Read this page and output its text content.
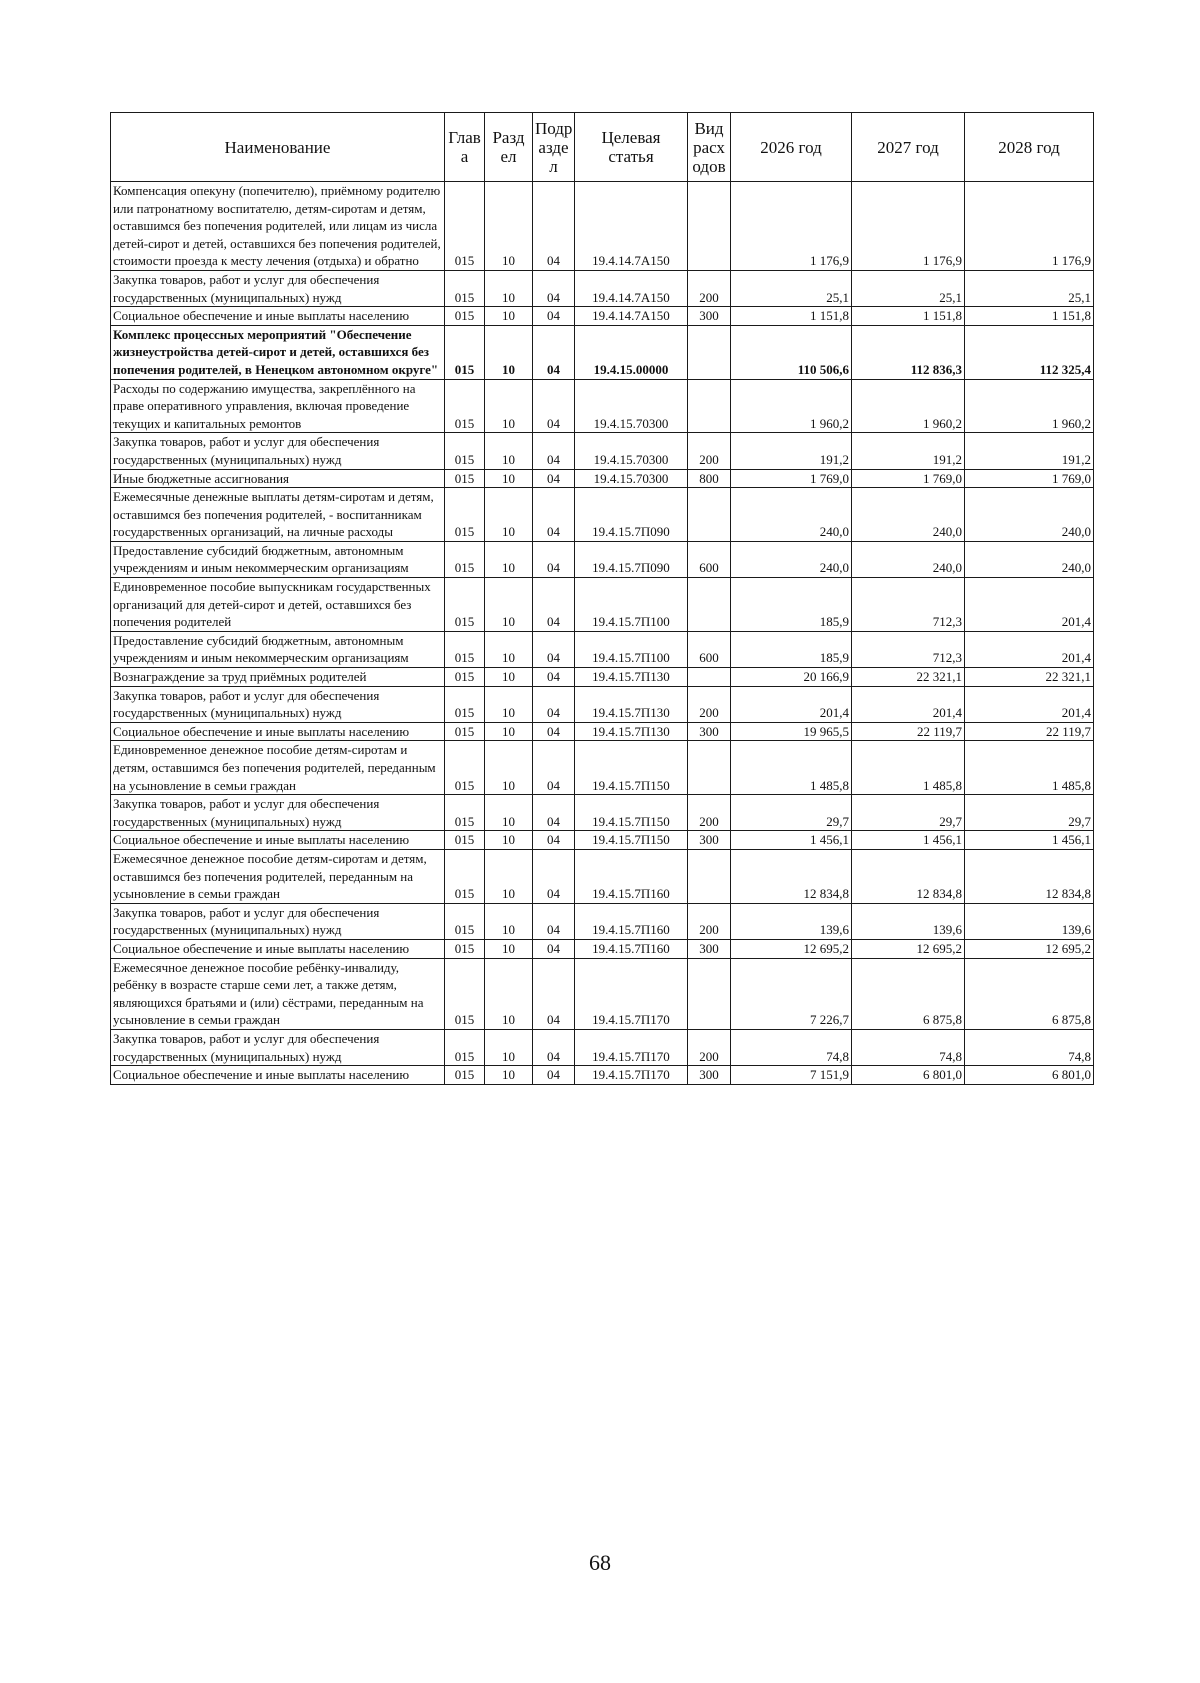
Наименование	Глав а	Разд ел	Подр азде л	Целевая статья	Вид расх одов	2026 год	2027 год	2028 год
Компенсация опекуну (попечителю), приёмному родителю или патронатному воспитателю, детям-сиротам и детям, оставшимся без попечения родителей, или лицам из числа детей-сирот и детей, оставшихся без попечения родителей, стоимости проезда к месту лечения (отдыха) и обратно	015	10	04	19.4.14.7А150		1 176,9	1 176,9	1 176,9
Закупка товаров, работ и услуг для обеспечения государственных (муниципальных) нужд	015	10	04	19.4.14.7А150	200	25,1	25,1	25,1
Социальное обеспечение и иные выплаты населению	015	10	04	19.4.14.7А150	300	1 151,8	1 151,8	1 151,8
Комплекс процессных мероприятий "Обеспечение жизнеустройства детей-сирот и детей, оставшихся без попечения родителей, в Ненецком автономном округе"	015	10	04	19.4.15.00000		110 506,6	112 836,3	112 325,4
Расходы по содержанию имущества, закреплённого на праве оперативного управления, включая проведение текущих и капитальных ремонтов	015	10	04	19.4.15.70300		1 960,2	1 960,2	1 960,2
Закупка товаров, работ и услуг для обеспечения государственных (муниципальных) нужд	015	10	04	19.4.15.70300	200	191,2	191,2	191,2
Иные бюджетные ассигнования	015	10	04	19.4.15.70300	800	1 769,0	1 769,0	1 769,0
Ежемесячные денежные выплаты детям-сиротам и детям, оставшимся без попечения родителей, - воспитанникам государственных организаций, на личные расходы	015	10	04	19.4.15.7П090		240,0	240,0	240,0
Предоставление субсидий бюджетным, автономным учреждениям и иным некоммерческим организациям	015	10	04	19.4.15.7П090	600	240,0	240,0	240,0
Единовременное пособие выпускникам государственных организаций для детей-сирот и детей, оставшихся без попечения родителей	015	10	04	19.4.15.7П100		185,9	712,3	201,4
Предоставление субсидий бюджетным, автономным учреждениям и иным некоммерческим организациям	015	10	04	19.4.15.7П100	600	185,9	712,3	201,4
Вознаграждение за труд приёмных родителей	015	10	04	19.4.15.7П130		20 166,9	22 321,1	22 321,1
Закупка товаров, работ и услуг для обеспечения государственных (муниципальных) нужд	015	10	04	19.4.15.7П130	200	201,4	201,4	201,4
Социальное обеспечение и иные выплаты населению	015	10	04	19.4.15.7П130	300	19 965,5	22 119,7	22 119,7
Единовременное денежное пособие детям-сиротам и детям, оставшимся без попечения родителей, переданным на усыновление в семьи граждан	015	10	04	19.4.15.7П150		1 485,8	1 485,8	1 485,8
Закупка товаров, работ и услуг для обеспечения государственных (муниципальных) нужд	015	10	04	19.4.15.7П150	200	29,7	29,7	29,7
Социальное обеспечение и иные выплаты населению	015	10	04	19.4.15.7П150	300	1 456,1	1 456,1	1 456,1
Ежемесячное денежное пособие детям-сиротам и детям, оставшимся без попечения родителей, переданным на усыновление в семьи граждан	015	10	04	19.4.15.7П160		12 834,8	12 834,8	12 834,8
Закупка товаров, работ и услуг для обеспечения государственных (муниципальных) нужд	015	10	04	19.4.15.7П160	200	139,6	139,6	139,6
Социальное обеспечение и иные выплаты населению	015	10	04	19.4.15.7П160	300	12 695,2	12 695,2	12 695,2
Ежемесячное денежное пособие ребёнку-инвалиду, ребёнку в возрасте старше семи лет, а также детям, являющихся братьями и (или) сёстрами, переданным на усыновление в семьи граждан	015	10	04	19.4.15.7П170		7 226,7	6 875,8	6 875,8
Закупка товаров, работ и услуг для обеспечения государственных (муниципальных) нужд	015	10	04	19.4.15.7П170	200	74,8	74,8	74,8
Социальное обеспечение и иные выплаты населению	015	10	04	19.4.15.7П170	300	7 151,9	6 801,0	6 801,0
68
